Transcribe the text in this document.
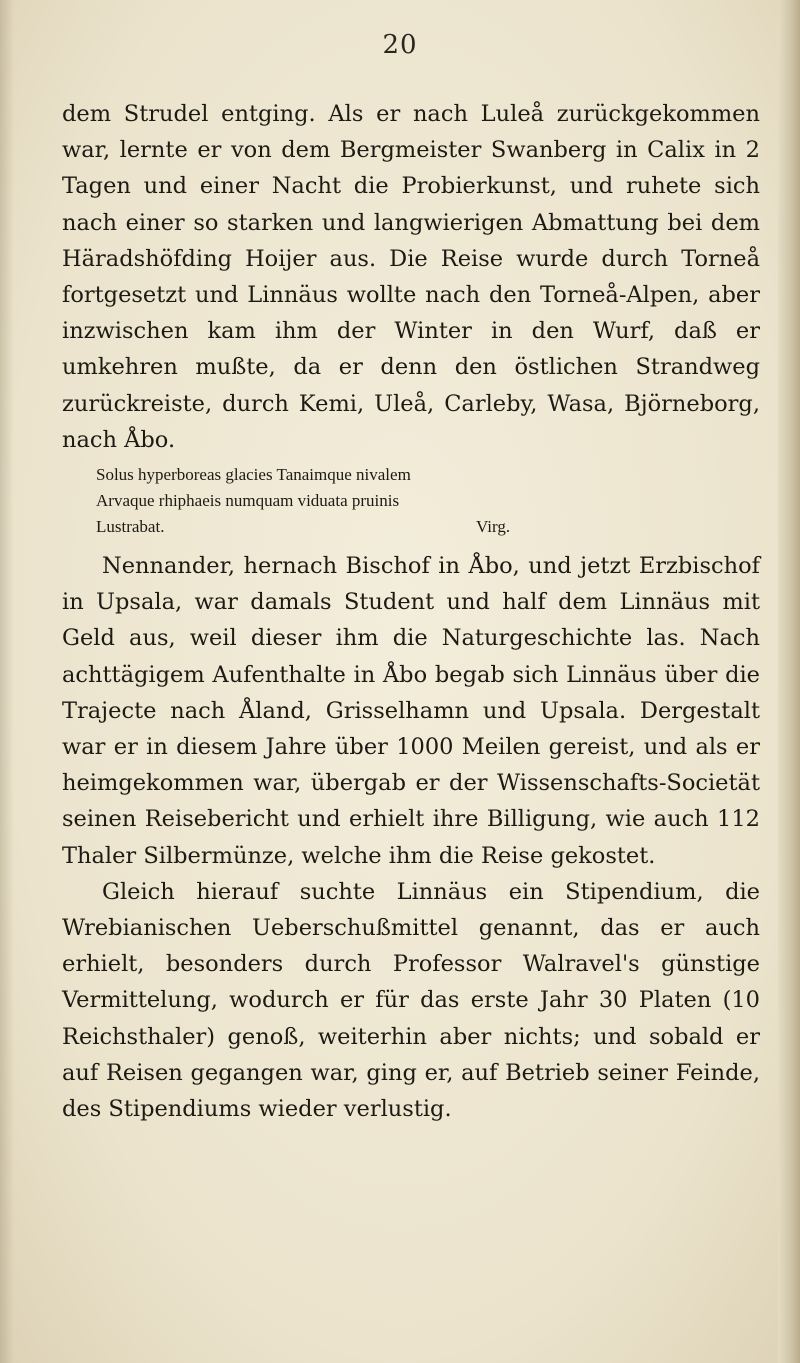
20

dem Strudel entging. Als er nach Luleå zurückgekommen war, lernte er von dem Bergmeister Swanberg in Calix in 2 Tagen und einer Nacht die Probierkunst, und ruhete sich nach einer so starken und langwierigen Abmattung bei dem Häradshöfding Hoijer aus. Die Reise wurde durch Torneå fortgesetzt und Linnäus wollte nach den Torneå-Alpen, aber inzwischen kam ihm der Winter in den Wurf, daß er umkehren mußte, da er denn den östlichen Strandweg zurückreiste, durch Kemi, Uleå, Carleby, Wasa, Björneborg, nach Åbo.

Solus hyperboreas glacies Tanaimque nivalem
Arvaque rhiphaeis numquam viduata pruinis
Lustrabat.	Virg.

Nennander, hernach Bischof in Åbo, und jetzt Erzbischof in Upsala, war damals Student und half dem Linnäus mit Geld aus, weil dieser ihm die Naturgeschichte las. Nach achttägigem Aufenthalte in Åbo begab sich Linnäus über die Trajecte nach Åland, Grisselhamn und Upsala. Dergestalt war er in diesem Jahre über 1000 Meilen gereist, und als er heimgekommen war, übergab er der Wissenschafts-Societät seinen Reisebericht und erhielt ihre Billigung, wie auch 112 Thaler Silbermünze, welche ihm die Reise gekostet.

Gleich hierauf suchte Linnäus ein Stipendium, die Wrebianischen Ueberschußmittel genannt, das er auch erhielt, besonders durch Professor Walravel's günstige Vermittelung, wodurch er für das erste Jahr 30 Platen (10 Reichsthaler) genoß, weiterhin aber nichts; und sobald er auf Reisen gegangen war, ging er, auf Betrieb seiner Feinde, des Stipendiums wieder verlustig.
